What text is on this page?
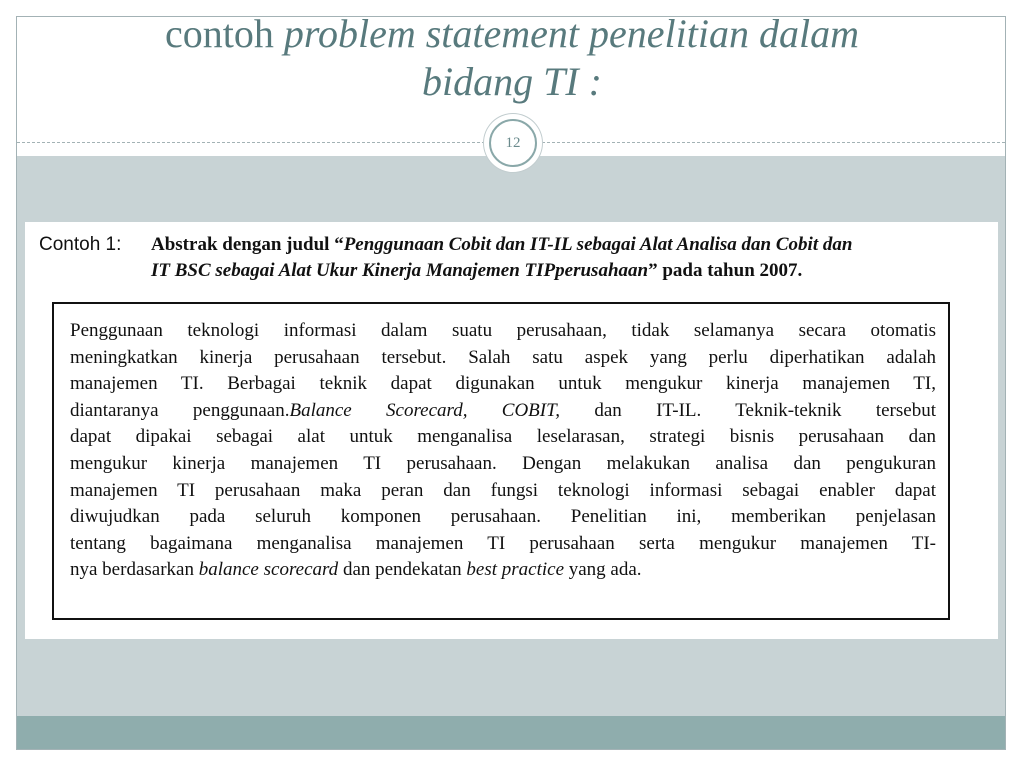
contoh problem statement penelitian dalam
bidang TI :
12
Contoh 1: Abstrak dengan judul “Penggunaan Cobit dan IT-IL sebagai Alat Analisa dan Cobit dan
IT BSC sebagai Alat Ukur Kinerja Manajemen TIPperusahaan” pada tahun 2007.

Penggunaan teknologi informasi dalam suatu perusahaan, tidak selamanya secara otomatis
meningkatkan kinerja perusahaan tersebut. Salah satu aspek yang perlu diperhatikan adalah
manajemen TI. Berbagai teknik dapat digunakan untuk mengukur kinerja manajemen TI,
diantaranya penggunaan.Balance Scorecard, COBIT, dan IT-IL. Teknik-teknik tersebut
dapat dipakai sebagai alat untuk menganalisa leselarasan, strategi bisnis perusahaan dan
mengukur kinerja manajemen TI perusahaan. Dengan melakukan analisa dan pengukuran
manajemen TI perusahaan maka peran dan fungsi teknologi informasi sebagai enabler dapat
diwujudkan pada seluruh komponen perusahaan. Penelitian ini, memberikan penjelasan
tentang bagaimana menganalisa manajemen TI perusahaan serta mengukur manajemen TI-
nya berdasarkan balance scorecard dan pendekatan best practice yang ada.
